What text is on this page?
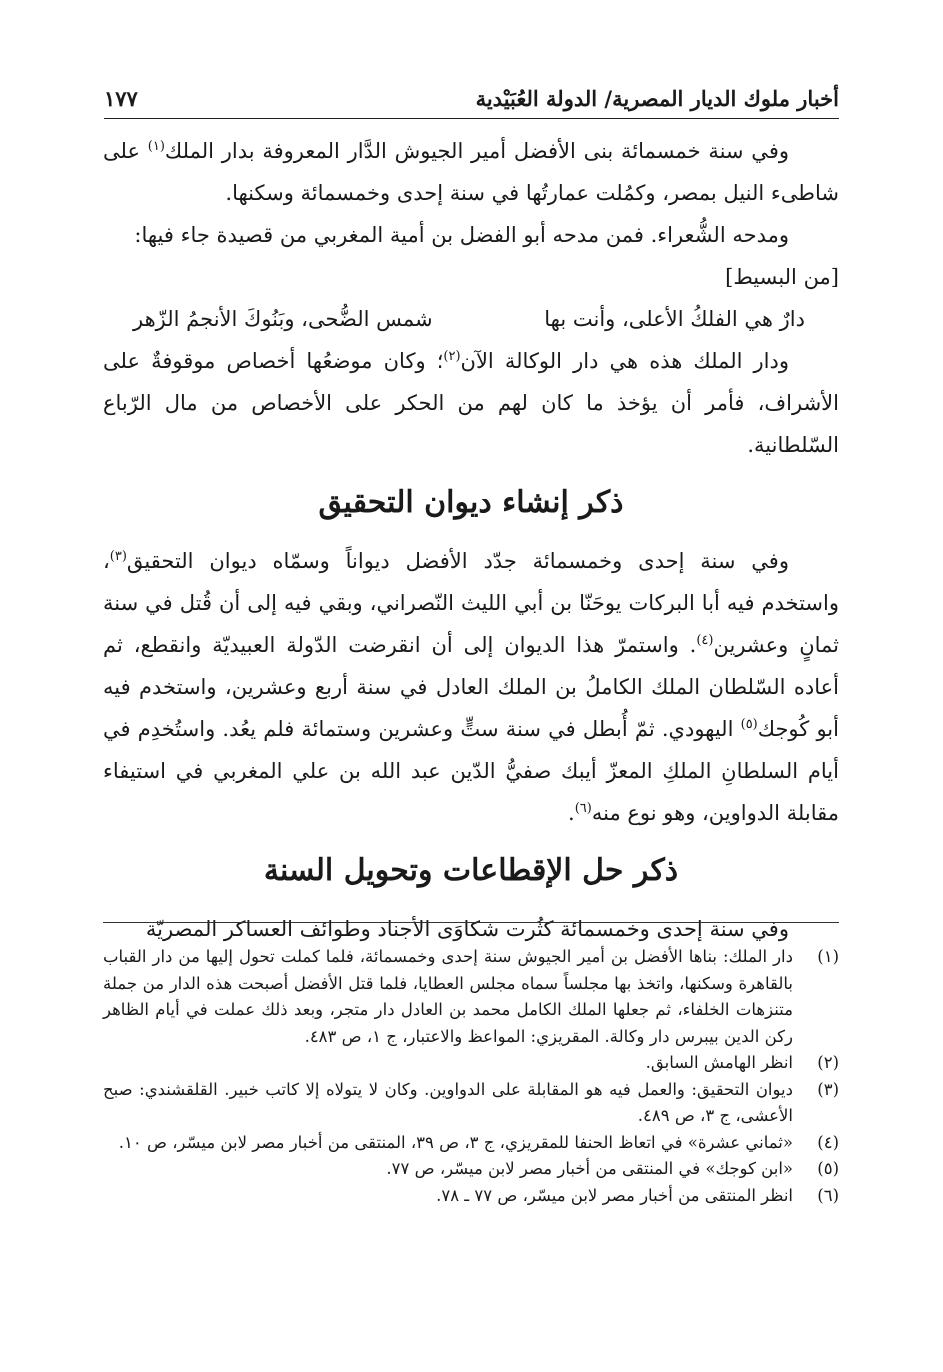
أخبار ملوك الديار المصرية/ الدولة العُبَيْدية
١٧٧

وفي سنة خمسمائة بنى الأفضل أمير الجيوش الدَّار المعروفة بدار الملك$^{(١)}$ على شاطىء النيل بمصر، وكمُلت عمارتُها في سنة إحدى وخمسمائة وسكنها.

ومدحه الشُّعراء. فمن مدحه أبو الفضل بن أمية المغربي من قصيدة جاء فيها:

[من البسيط]

دارٌ هي الفلكُ الأعلى، وأنت بها
شمس الضُّحى، وبَنُوكَ الأنجمُ الزّهر

ودار الملك هذه هي دار الوكالة الآن$^{(٢)}$؛ وكان موضعُها أخصاص موقوفةٌ على الأشراف، فأمر أن يؤخذ ما كان لهم من الحكر على الأخصاص من مال الرّباع السّلطانية.

ذكر إنشاء ديوان التحقيق

وفي سنة إحدى وخمسمائة جدّد الأفضل ديواناً وسمّاه ديوان التحقيق$^{(٣)}$، واستخدم فيه أبا البركات يوحَنّا بن أبي الليث النّصراني، وبقي فيه إلى أن قُتل في سنة ثمانٍ وعشرين$^{(٤)}$. واستمرّ هذا الديوان إلى أن انقرضت الدّولة العبيديّة وانقطع، ثم أعاده السّلطان الملك الكاملُ بن الملك العادل في سنة أربع وعشرين، واستخدم فيه أبو كُوجك$^{(٥)}$ اليهودي. ثمّ أُبطل في سنة ستٍّ وعشرين وستمائة فلم يعُد. واستُخدِم في أيام السلطانِ الملكِ المعزّ أيبك صفيُّ الدّين عبد الله بن علي المغربي في استيفاء مقابلة الدواوين، وهو نوع منه$^{(٦)}$.

ذكر حل الإقطاعات وتحويل السنة

وفي سنة إحدى وخمسمائة كثُرت شكاوَى الأجناد وطوائف العساكر المصريّة

(١)
دار الملك: بناها الأفضل بن أمير الجيوش سنة إحدى وخمسمائة، فلما كملت تحول إليها من دار القباب بالقاهرة وسكنها، واتخذ بها مجلساً سماه مجلس العطايا، فلما قتل الأفضل أصبحت هذه الدار من جملة متنزهات الخلفاء، ثم جعلها الملك الكامل محمد بن العادل دار متجر، وبعد ذلك عملت في أيام الظاهر ركن الدين بيبرس دار وكالة. المقريزي: المواعظ والاعتبار، ج ١، ص ٤٨٣.

(٢)
انظر الهامش السابق.

(٣)
ديوان التحقيق: والعمل فيه هو المقابلة على الدواوين. وكان لا يتولاه إلا كاتب خبير. القلقشندي: صبح الأعشى، ج ٣، ص ٤٨٩.

(٤)
«ثماني عشرة» في اتعاظ الحنفا للمقريزي، ج ٣، ص ٣٩، المنتقى من أخبار مصر لابن ميسّر، ص ١٠.

(٥)
«ابن كوجك» في المنتقى من أخبار مصر لابن ميسّر، ص ٧٧.

(٦)
انظر المنتقى من أخبار مصر لابن ميسّر، ص ٧٧ ـ ٧٨.
